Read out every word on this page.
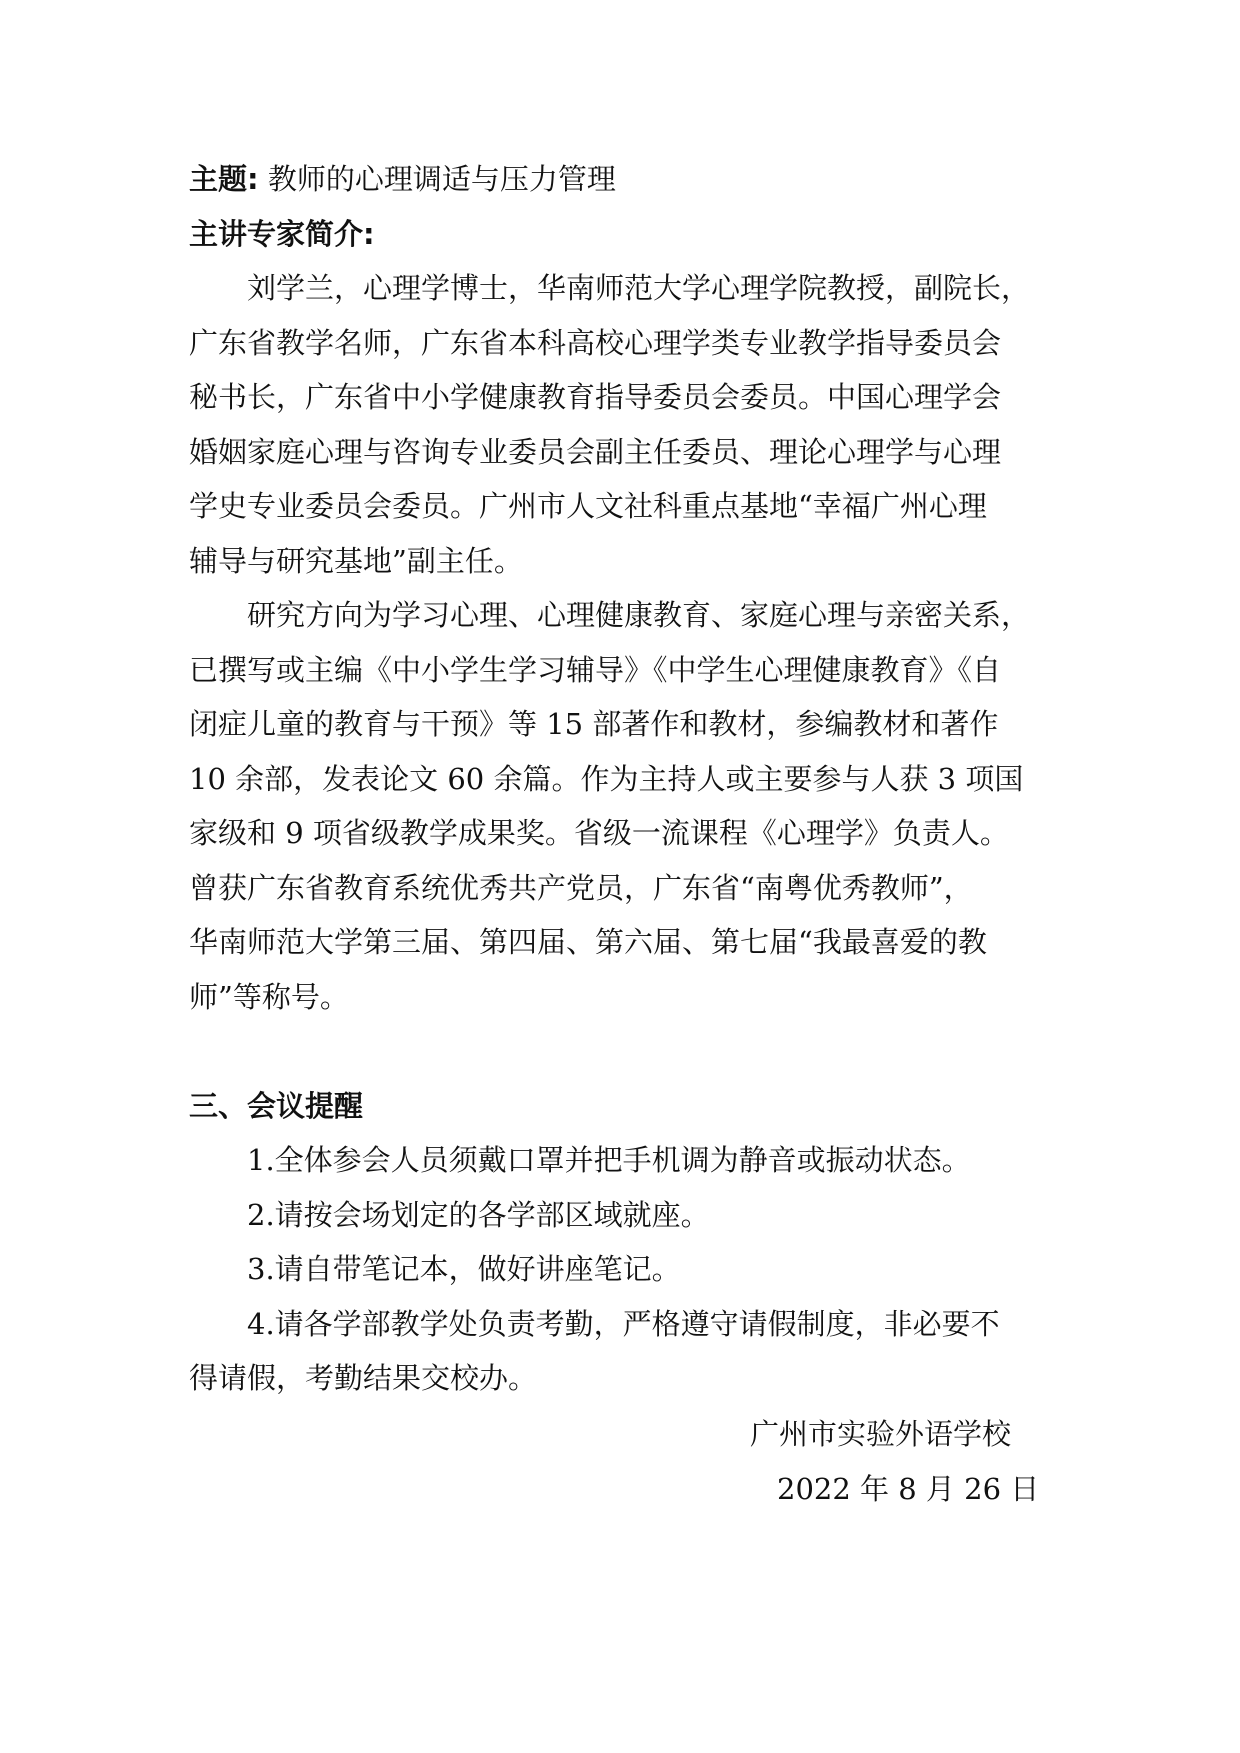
主题: 教师的心理调适与压力管理
主讲专家简介:
刘学兰，心理学博士，华南师范大学心理学院教授，副院长，
广东省教学名师，广东省本科高校心理学类专业教学指导委员会
秘书长，广东省中小学健康教育指导委员会委员。中国心理学会
婚姻家庭心理与咨询专业委员会副主任委员、理论心理学与心理
学史专业委员会委员。广州市人文社科重点基地“幸福广州心理
辅导与研究基地”副主任。
研究方向为学习心理、心理健康教育、家庭心理与亲密关系，
已撰写或主编《中小学生学习辅导》《中学生心理健康教育》《自
闭症儿童的教育与干预》等 15 部著作和教材，参编教材和著作
10 余部，发表论文 60 余篇。作为主持人或主要参与人获 3 项国
家级和 9 项省级教学成果奖。省级一流课程《心理学》负责人。
曾获广东省教育系统优秀共产党员，广东省“南粤优秀教师”，
华南师范大学第三届、第四届、第六届、第七届“我最喜爱的教
师”等称号。
三、会议提醒
1.全体参会人员须戴口罩并把手机调为静音或振动状态。
2.请按会场划定的各学部区域就座。
3.请自带笔记本，做好讲座笔记。
4.请各学部教学处负责考勤，严格遵守请假制度，非必要不
得请假，考勤结果交校办。
广州市实验外语学校
2022 年 8 月 26 日
